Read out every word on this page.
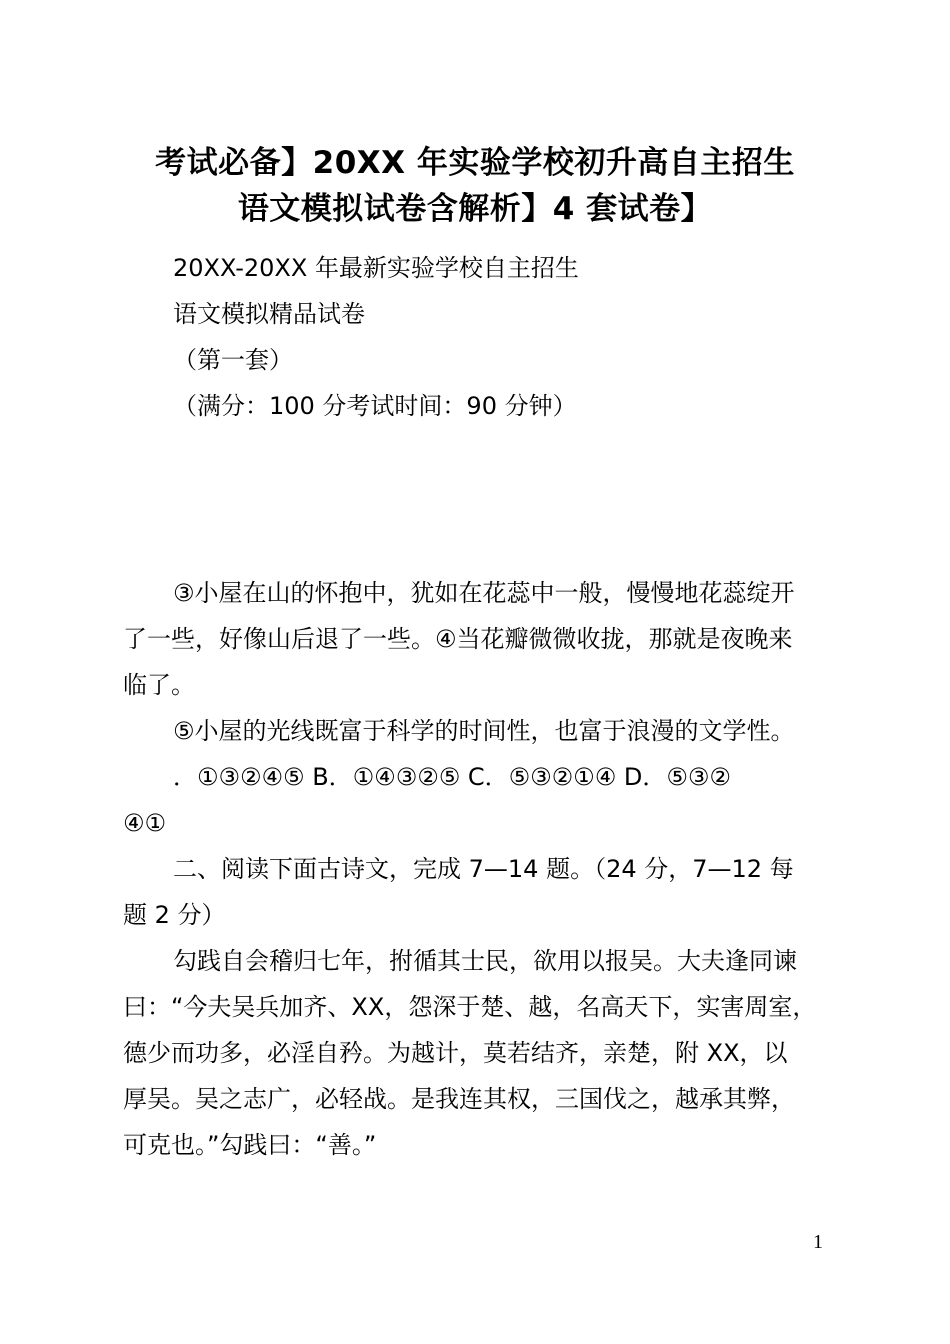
考试必备】20XX 年实验学校初升高自主招生
语文模拟试卷含解析】4 套试卷】
20XX-20XX 年最新实验学校自主招生
语文模拟精品试卷
（第一套）
（满分：100 分考试时间：90 分钟）
③小屋在山的怀抱中，犹如在花蕊中一般，慢慢地花蕊绽开
了一些，好像山后退了一些。④当花瓣微微收拢，那就是夜晚来
临了。
⑤小屋的光线既富于科学的时间性，也富于浪漫的文学性。
．①③②④⑤ B．①④③②⑤ C．⑤③②①④ D．⑤③②
④①
二、阅读下面古诗文，完成 7—14 题。（24 分，7—12 每
题 2 分）
勾践自会稽归七年，拊循其士民，欲用以报吴。大夫逢同谏
曰：“今夫吴兵加齐、XX，怨深于楚、越，名高天下，实害周室，
德少而功多，必淫自矜。为越计，莫若结齐，亲楚，附 XX，以
厚吴。吴之志广，必轻战。是我连其权，三国伐之，越承其弊，
可克也。”勾践曰：“善。”
1
